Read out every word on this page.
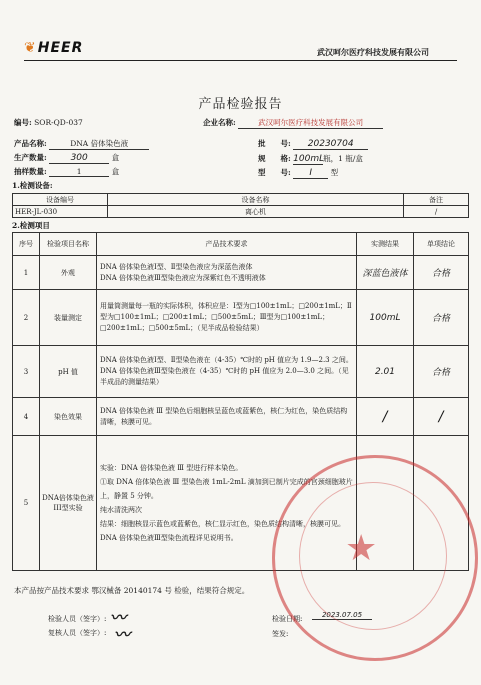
❦HEER	武汉呵尔医疗科技发展有限公司
产品检验报告
编号: SOR-QD-037	企业名称:	武汉呵尔医疗科技发展有限公司
产品名称:	DNA 倍体染色液	批　　号: 20230704
生产数量:	300	盒	规　　格: 100mL瓶，1 瓶/盒
抽样数量:	1	盒	型　　号: Ⅰ 型
1.检测设备:
设备编号	设备名称	备注
HER-JL-030	离心机	/
2.检测项目
序号	检验项目名称	产品技术要求	实测结果	单项结论
1	外观	DNA 倍体染色液Ⅰ型、Ⅱ型染色液应为深蓝色液体
DNA 倍体染色液Ⅲ型染色液应为深紫红色不透明液体	深蓝色液体	合格
2	装量测定	用量筒测量每一瓶的实际体积，体积应是：Ⅰ型为□100±1mL；□200±1mL；Ⅱ型为□100±1mL；□200±1mL；□500±5mL；Ⅲ型为□100±1mL；□200±1mL；□500±5mL；（见半成品检验结果）	100mL	合格
3	pH 值	DNA 倍体染色液Ⅰ型、Ⅱ型染色液在（4-35）℃时的 pH 值应为 1.9—2.3 之间。
DNA 倍体染色液Ⅲ型染色液在（4-35）℃时的 pH 值应为 2.0—3.0 之间。（见半成品的测量结果）	2.01	合格
4	染色效果	DNA 倍体染色液 Ⅲ 型染色后细胞核呈蓝色或蓝紫色，核仁为红色，染色质结构清晰，核膜可见。	/	/
5	DNA倍体染色液 III型实验	实验：DNA 倍体染色液 Ⅲ 型进行样本染色。
①取 DNA 倍体染色液 Ⅲ 型染色液 1mL-2mL 滴加到已制片完成的宫颈细胞玻片上，静置 5 分钟。
纯水清洗两次
结果：细胞核显示蓝色或蓝紫色，核仁显示红色，染色质结构清晰，核膜可见。DNA 倍体染色液Ⅲ型染色流程详见说明书。		
本产品按产品技术要求 鄂汉械备 20140174 号 检验，结果符合规定。
检验人员（签字）:
复核人员（签字）:
〰
〰
检验日期:	2023.07.05
签发:
★
